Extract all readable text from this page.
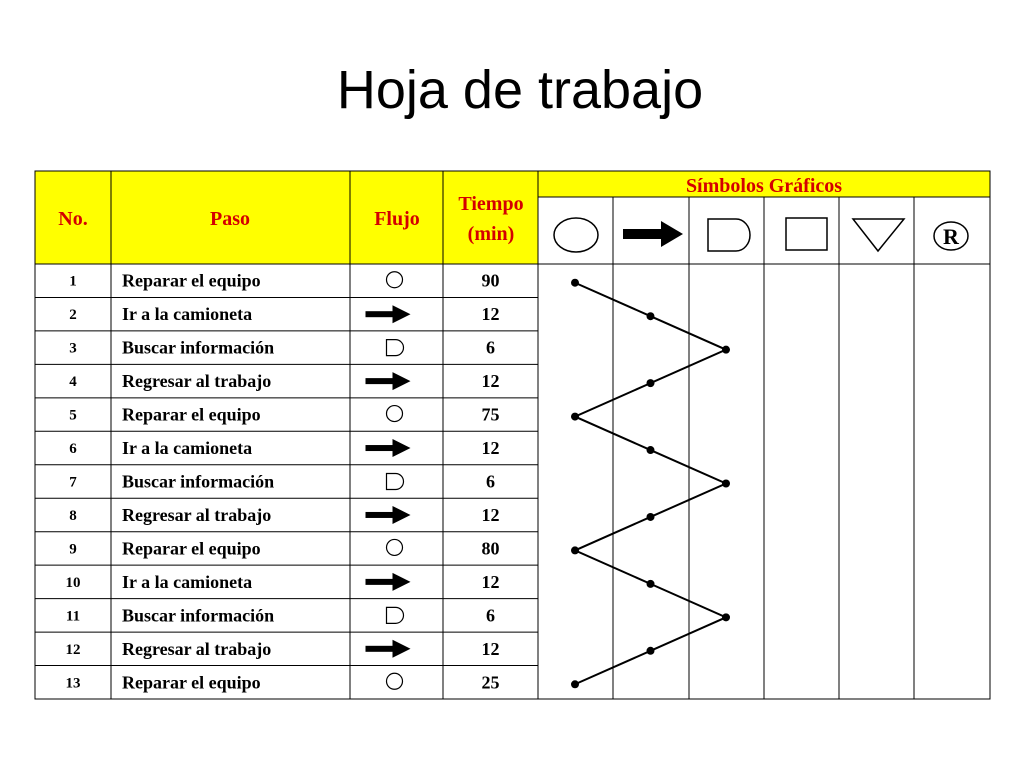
Hoja de trabajo
No.	Paso	Flujo
Tiempo
(min)
Símbolos Gráficos
R
1	Reparar el equipo	90
2	Ir a la camioneta	12
3	Buscar información	6
4	Regresar al trabajo	12
5	Reparar el equipo	75
6	Ir a la camioneta	12
7	Buscar información	6
8	Regresar al trabajo	12
9	Reparar el equipo	80
10 Ir a la camioneta	12
11 Buscar información	6
12 Regresar al trabajo	12
13 Reparar el equipo	25
